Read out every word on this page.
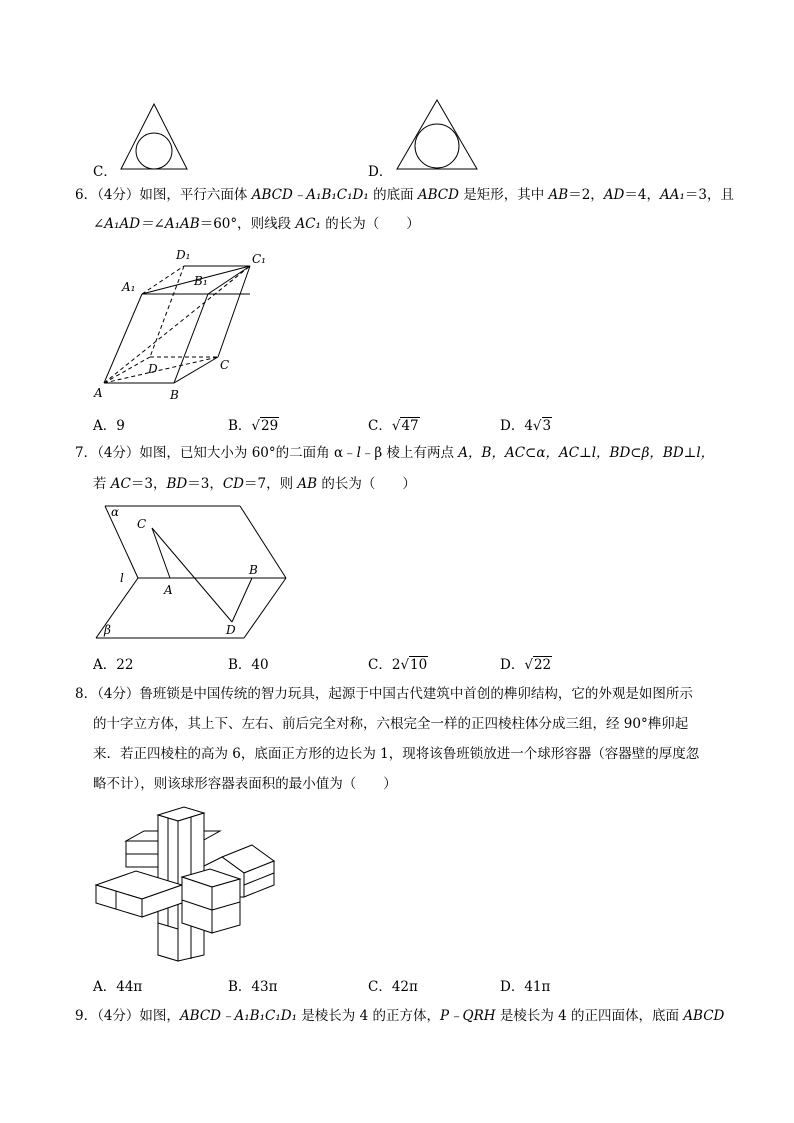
C．	D．
6．（4分）如图，平行六面体 ABCD﹣A₁B₁C₁D₁ 的底面 ABCD 是矩形，其中 AB＝2，AD＝4，AA₁＝3，且
∠A₁AD＝∠A₁AB＝60°，则线段 AC₁ 的长为（　　）
D₁	C₁
A₁	B₁
D	C
A	B
A．9	B．√29	C．√47	D．4√3
7．（4分）如图，已知大小为 60°的二面角 α﹣l﹣β 棱上有两点 A，B，AC⊂α，AC⊥l，BD⊂β，BD⊥l，
若 AC＝3，BD＝3，CD＝7，则 AB 的长为（　　）
α
C
l
A
B
β	D
A．22	B．40	C．2√10	D．√22
8．（4分）鲁班锁是中国传统的智力玩具，起源于中国古代建筑中首创的榫卯结构，它的外观是如图所示
的十字立方体，其上下、左右、前后完全对称，六根完全一样的正四棱柱体分成三组，经 90°榫卯起
来．若正四棱柱的高为 6，底面正方形的边长为 1，现将该鲁班锁放进一个球形容器（容器壁的厚度忽
略不计），则该球形容器表面积的最小值为（　　）
A．44π	B．43π	C．42π	D．41π
9．（4分）如图，ABCD﹣A₁B₁C₁D₁ 是棱长为 4 的正方体，P﹣QRH 是棱长为 4 的正四面体，底面 ABCD
